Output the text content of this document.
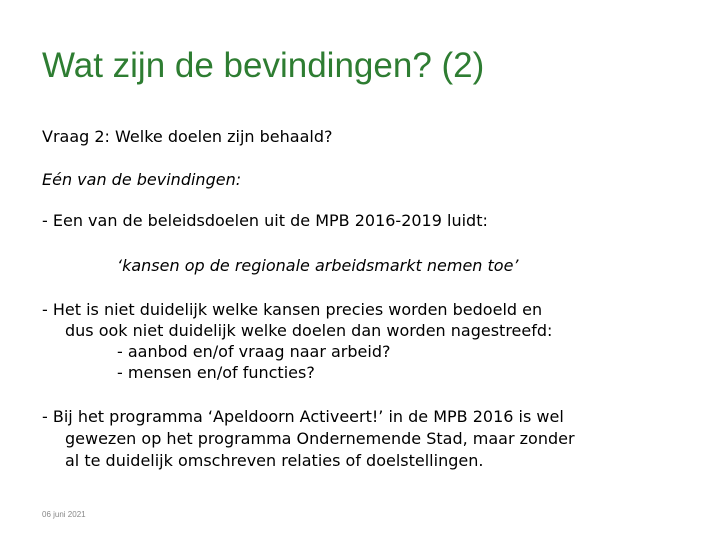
Wat zijn de bevindingen? (2)
Vraag 2: Welke doelen zijn behaald?
Eén van de bevindingen:
- Een van de beleidsdoelen uit de MPB 2016-2019 luidt:
‘kansen op de regionale arbeidsmarkt nemen toe’
- Het is niet duidelijk welke kansen precies worden bedoeld en
dus ook niet duidelijk welke doelen dan worden nagestreefd:
- aanbod en/of vraag naar arbeid?
- mensen en/of functies?
- Bij het programma ‘Apeldoorn Activeert!’ in de MPB 2016 is wel
gewezen op het programma Ondernemende Stad, maar zonder
al te duidelijk omschreven relaties of doelstellingen.
06 juni 2021
